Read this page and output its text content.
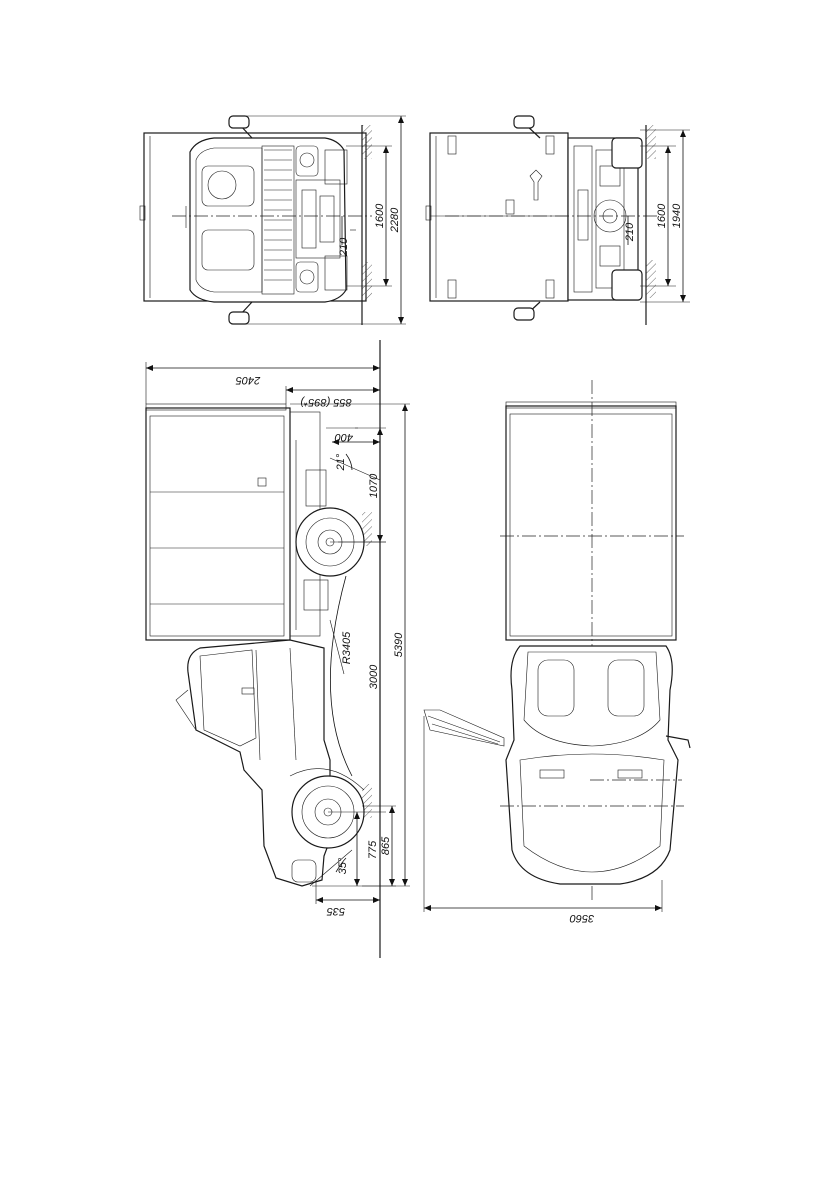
1600 2280
210
1600 1940
210
2405
855 (895*)
5390
400
21°
1070
R3405
3000
775 865
35°
535
3560
